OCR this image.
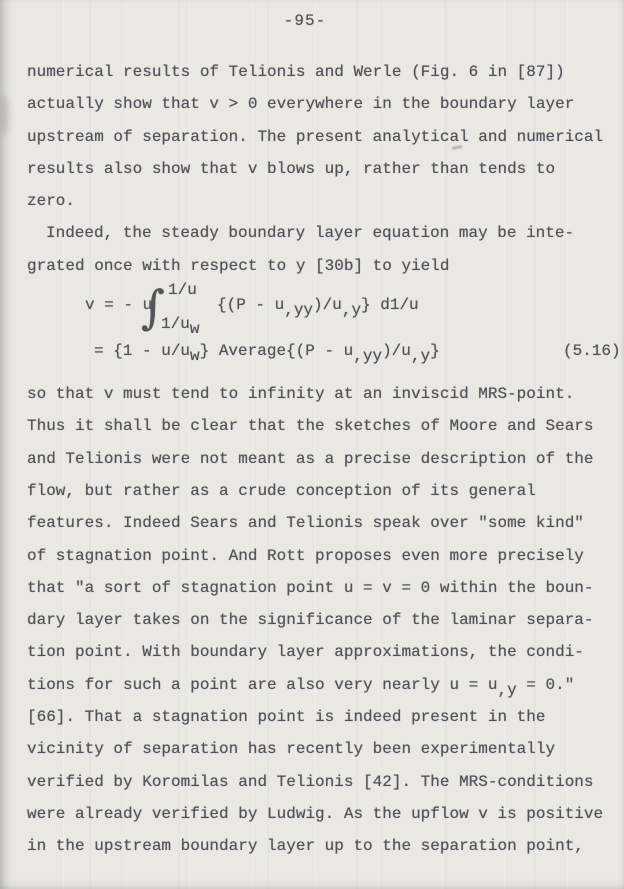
-95-
numerical results of Telionis and Werle (Fig. 6 in [87])
actually show that v > 0 everywhere in the boundary layer
upstream of separation. The present analytical and numerical
results also show that v blows up, rather than tends to
zero.
Indeed, the steady boundary layer equation may be inte-
grated once with respect to y [30b] to yield

v = - u

∫

1/u

1/uw

{(P - u,yy)/u,y} d1/u

= {1 - u/uw} Average{(P - u,yy)/u,y}

	(5.16)

so that v must tend to infinity at an inviscid MRS-point.
Thus it shall be clear that the sketches of Moore and Sears
and Telionis were not meant as a precise description of the
flow, but rather as a crude conception of its general
features. Indeed Sears and Telionis speak over "some kind"
of stagnation point. And Rott proposes even more precisely
that "a sort of stagnation point u = v = 0 within the boun-
dary layer takes on the significance of the laminar separa-
tion point. With boundary layer approximations, the condi-
tions for such a point are also very nearly u = u,y = 0."
[66]. That a stagnation point is indeed present in the
vicinity of separation has recently been experimentally
verified by Koromilas and Telionis [42]. The MRS-conditions
were already verified by Ludwig. As the upflow v is positive
in the upstream boundary layer up to the separation point,
